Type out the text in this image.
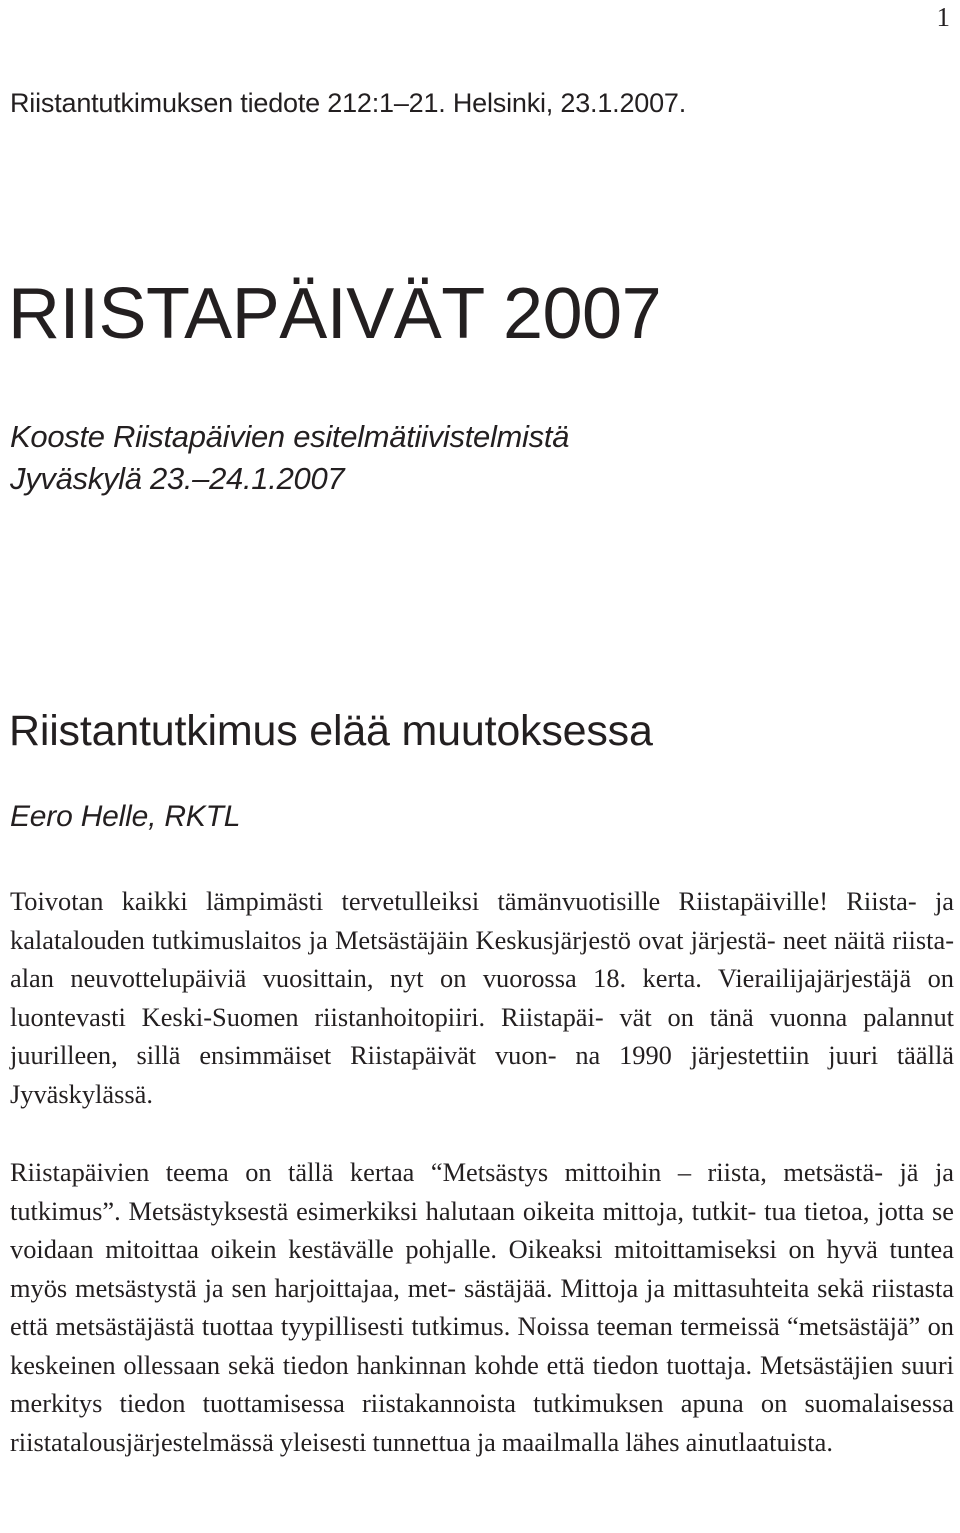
1
Riistantutkimuksen tiedote 212:1–21. Helsinki, 23.1.2007.
RIISTAPÄIVÄT 2007
Kooste Riistapäivien esitelmätiivistelmistä
Jyväskylä 23.–24.1.2007
Riistantutkimus elää muutoksessa
Eero Helle, RKTL

Toivotan kaikki lämpimästi tervetulleiksi tämänvuotisille Riistapäiville! Riista- ja kalatalouden tutkimuslaitos ja Metsästäjäin Keskusjärjestö ovat järjestä- neet näitä riista-alan neuvottelupäiviä vuosittain, nyt on vuorossa 18. kerta. Vierailijajärjestäjä on luontevasti Keski-Suomen riistanhoitopiiri. Riistapäi- vät on tänä vuonna palannut juurilleen, sillä ensimmäiset Riistapäivät vuon- na 1990 järjestettiin juuri täällä Jyväskylässä.

Riistapäivien teema on tällä kertaa “Metsästys mittoihin – riista, metsästä- jä ja tutkimus”. Metsästyksestä esimerkiksi halutaan oikeita mittoja, tutkit- tua tietoa, jotta se voidaan mitoittaa oikein kestävälle pohjalle. Oikeaksi mitoittamiseksi on hyvä tuntea myös metsästystä ja sen harjoittajaa, met- sästäjää. Mittoja ja mittasuhteita sekä riistasta että metsästäjästä tuottaa tyypillisesti tutkimus. Noissa teeman termeissä “metsästäjä” on keskeinen ollessaan sekä tiedon hankinnan kohde että tiedon tuottaja. Metsästäjien suuri merkitys tiedon tuottamisessa riistakannoista tutkimuksen apuna on suomalaisessa riistatalousjärjestelmässä yleisesti tunnettua ja maailmalla lähes ainutlaatuista.
